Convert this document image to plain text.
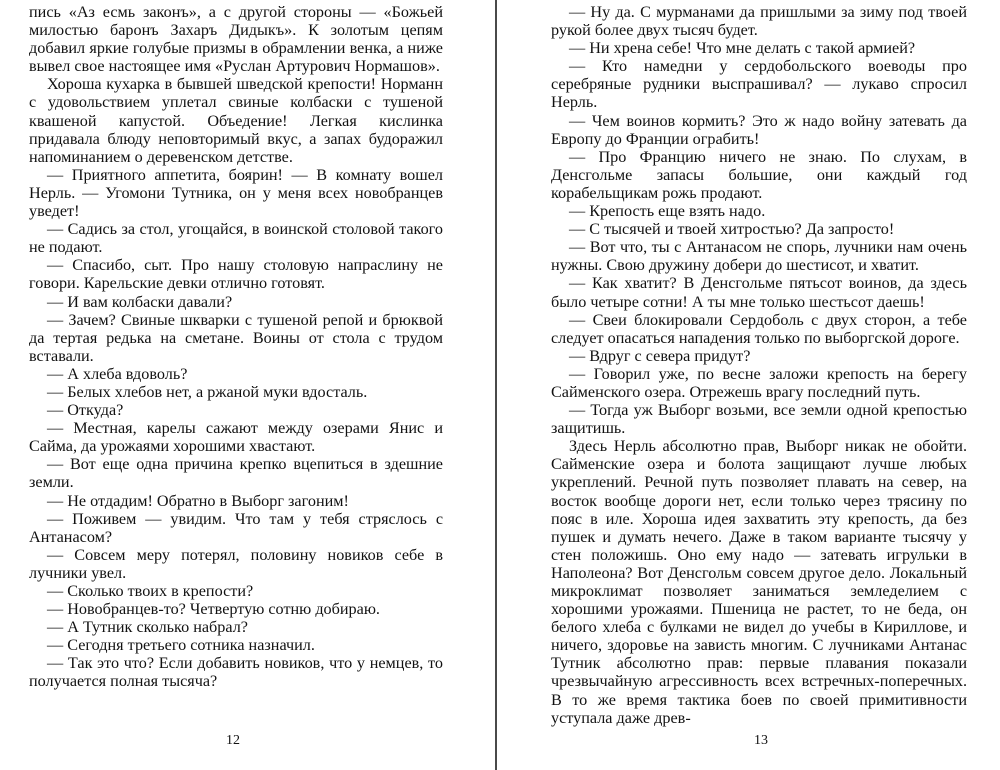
пись «Аз есмь законъ», а с другой стороны — «Божьей милостью баронъ Захаръ Дидыкъ». К золотым цепям добавил яркие голубые призмы в обрамлении венка, а ниже вывел свое настоящее имя «Руслан Артурович Нормашов».

Хороша кухарка в бывшей шведской крепости! Норманн с удовольствием уплетал свиные колбаски с тушеной квашеной капустой. Объедение! Легкая кислинка придавала блюду неповторимый вкус, а запах будоражил напоминанием о деревенском детстве.

— Приятного аппетита, боярин! — В комнату вошел Нерль. — Угомони Тутника, он у меня всех новобранцев уведет!

— Садись за стол, угощайся, в воинской столовой такого не подают.

— Спасибо, сыт. Про нашу столовую напраслину не говори. Карельские девки отлично готовят.

— И вам колбаски давали?

— Зачем? Свиные шкварки с тушеной репой и брюквой да тертая редька на сметане. Воины от стола с трудом вставали.

— А хлеба вдоволь?

— Белых хлебов нет, а ржаной муки вдосталь.

— Откуда?

— Местная, карелы сажают между озерами Янис и Сайма, да урожаями хорошими хвастают.

— Вот еще одна причина крепко вцепиться в здешние земли.

— Не отдадим! Обратно в Выборг загоним!

— Поживем — увидим. Что там у тебя стряслось с Антанасом?

— Совсем меру потерял, половину новиков себе в лучники увел.

— Сколько твоих в крепости?

— Новобранцев-то? Четвертую сотню добираю.

— А Тутник сколько набрал?

— Сегодня третьего сотника назначил.

— Так это что? Если добавить новиков, что у немцев, то получается полная тысяча?

12

— Ну да. С мурманами да пришлыми за зиму под твоей рукой более двух тысяч будет.

— Ни хрена себе! Что мне делать с такой армией?

— Кто намедни у сердобольского воеводы про серебряные рудники выспрашивал? — лукаво спросил Нерль.

— Чем воинов кормить? Это ж надо войну затевать да Европу до Франции ограбить!

— Про Францию ничего не знаю. По слухам, в Денсгольме запасы большие, они каждый год корабельщикам рожь продают.

— Крепость еще взять надо.

— С тысячей и твоей хитростью? Да запросто!

— Вот что, ты с Антанасом не спорь, лучники нам очень нужны. Свою дружину добери до шестисот, и хватит.

— Как хватит? В Денсгольме пятьсот воинов, да здесь было четыре сотни! А ты мне только шестьсот даешь!

— Свеи блокировали Сердоболь с двух сторон, а тебе следует опасаться нападения только по выборгской дороге.

— Вдруг с севера придут?

— Говорил уже, по весне заложи крепость на берегу Сайменского озера. Отрежешь врагу последний путь.

— Тогда уж Выборг возьми, все земли одной крепостью защитишь.

Здесь Нерль абсолютно прав, Выборг никак не обойти. Сайменские озера и болота защищают лучше любых укреплений. Речной путь позволяет плавать на север, на восток вообще дороги нет, если только через трясину по пояс в иле. Хороша идея захватить эту крепость, да без пушек и думать нечего. Даже в таком варианте тысячу у стен положишь. Оно ему надо — затевать игрульки в Наполеона? Вот Денсгольм совсем другое дело. Локальный микроклимат позволяет заниматься земледелием с хорошими урожаями. Пшеница не растет, то не беда, он белого хлеба с булками не видел до учебы в Кириллове, и ничего, здоровье на зависть многим. С лучниками Антанас Тутник абсолютно прав: первые плавания показали чрезвычайную агрессивность всех встречных-поперечных. В то же время тактика боев по своей примитивности уступала даже древ-

13
